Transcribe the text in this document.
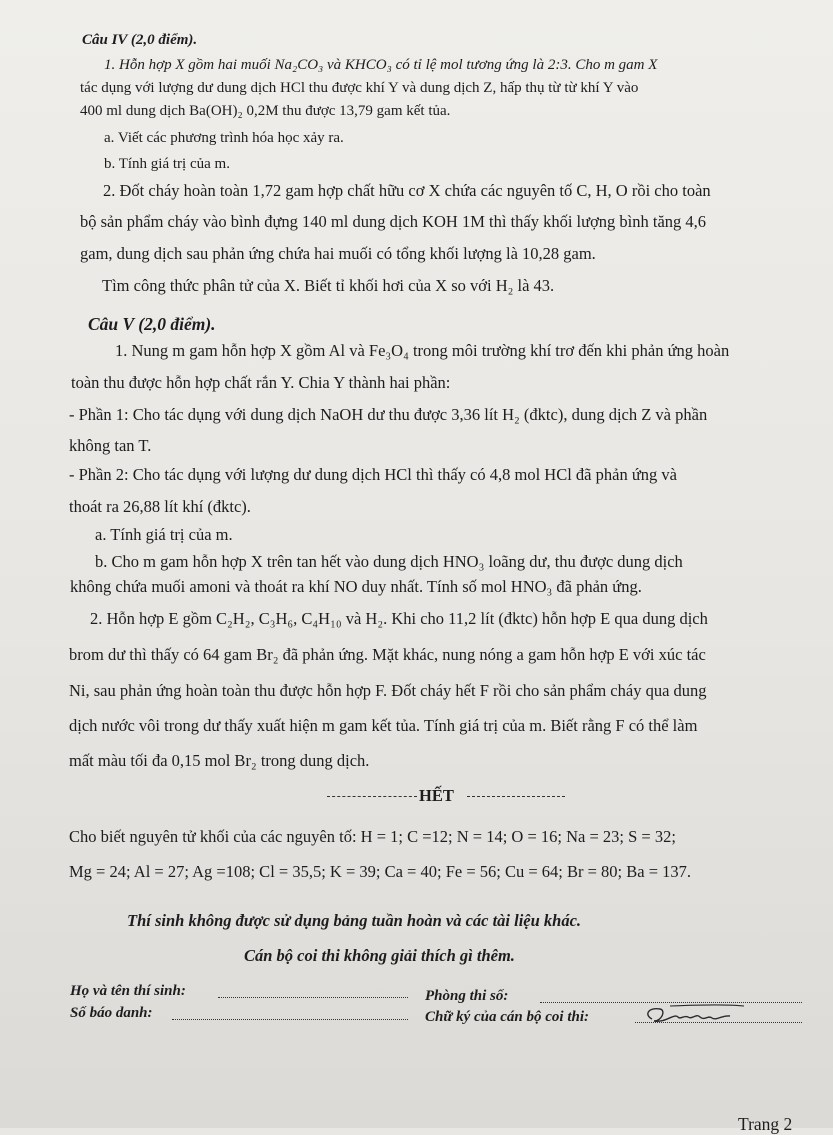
Câu IV (2,0 điểm).
1. Hỗn hợp X gồm hai muối Na₂CO₃ và KHCO₃ có tỉ lệ mol tương ứng là 2:3. Cho m gam X
tác dụng với lượng dư dung dịch HCl thu được khí Y và dung dịch Z, hấp thụ từ từ khí Y vào
400 ml dung dịch Ba(OH)₂ 0,2M thu được 13,79 gam kết tủa.
a. Viết các phương trình hóa học xảy ra.
b. Tính giá trị của m.
2. Đốt cháy hoàn toàn 1,72 gam hợp chất hữu cơ X chứa các nguyên tố C, H, O rồi cho toàn
bộ sản phẩm cháy vào bình đựng 140 ml dung dịch KOH 1M thì thấy khối lượng bình tăng 4,6
gam, dung dịch sau phản ứng chứa hai muối có tổng khối lượng là 10,28 gam.
Tìm công thức phân tử của X. Biết tỉ khối hơi của X so với H₂ là 43.
Câu V (2,0 điểm).
1. Nung m gam hỗn hợp X gồm Al và Fe₃O₄ trong môi trường khí trơ đến khi phản ứng hoàn
toàn thu được hỗn hợp chất rắn Y. Chia Y thành hai phần:
- Phần 1: Cho tác dụng với dung dịch NaOH dư thu được 3,36 lít H₂ (đktc), dung dịch Z và phần
không tan T.
- Phần 2: Cho tác dụng với lượng dư dung dịch HCl thì thấy có 4,8 mol HCl đã phản ứng và
thoát ra 26,88 lít khí (đktc).
a. Tính giá trị của m.
b. Cho m gam hỗn hợp X trên tan hết vào dung dịch HNO₃ loãng dư, thu được dung dịch
không chứa muối amoni và thoát ra khí NO duy nhất. Tính số mol HNO₃ đã phản ứng.
2. Hỗn hợp E gồm C₂H₂, C₃H₆, C₄H₁₀ và H₂. Khi cho 11,2 lít (đktc) hỗn hợp E qua dung dịch
brom dư thì thấy có 64 gam Br₂ đã phản ứng. Mặt khác, nung nóng a gam hỗn hợp E với xúc tác
Ni, sau phản ứng hoàn toàn thu được hỗn hợp F. Đốt cháy hết F rồi cho sản phẩm cháy qua dung
dịch nước vôi trong dư thấy xuất hiện m gam kết tủa. Tính giá trị của m. Biết rằng F có thể làm
mất màu tối đa 0,15 mol Br₂ trong dung dịch.
HẾT
Cho biết nguyên tử khối của các nguyên tố: H = 1; C =12; N = 14; O = 16; Na = 23; S = 32;
Mg = 24; Al = 27; Ag =108; Cl = 35,5; K = 39; Ca = 40; Fe = 56; Cu = 64; Br = 80; Ba = 137.
Thí sinh không được sử dụng bảng tuần hoàn và các tài liệu khác.
Cán bộ coi thi không giải thích gì thêm.
Họ và tên thí sinh:	Phòng thi số:
Số báo danh:	Chữ ký của cán bộ coi thi:
Trang 2
